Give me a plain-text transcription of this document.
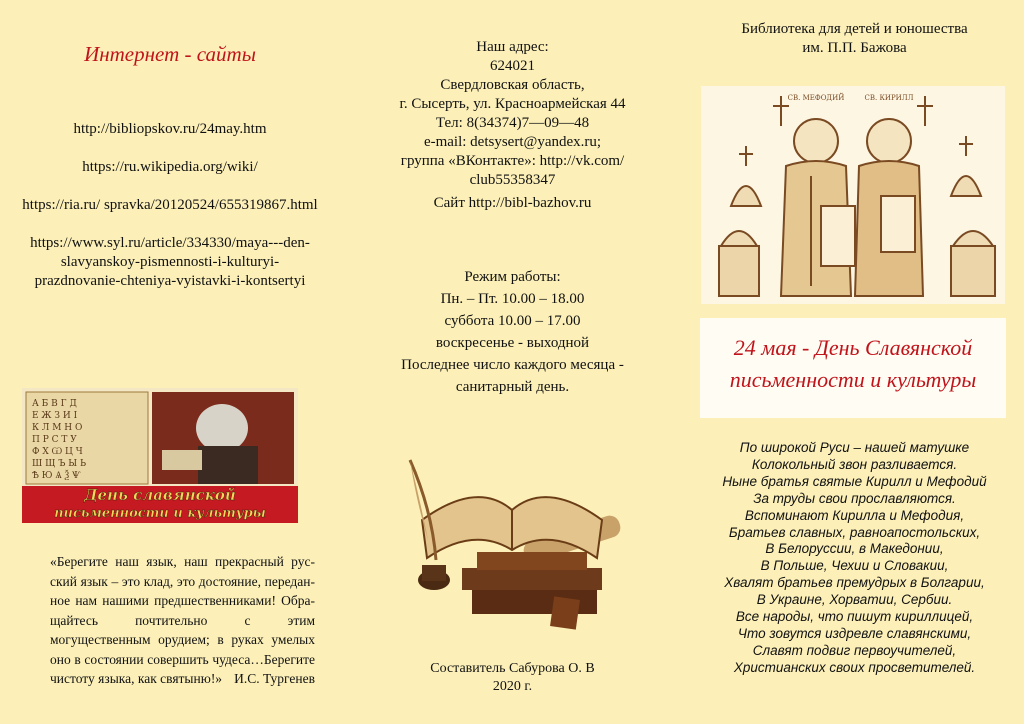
Интернет - сайты

http://bibliopskov.ru/24may.htm

https://ru.wikipedia.org/wiki/

https://ria.ru/ spravka/20120524/655319867.html

https://www.syl.ru/article/334330/maya---den-slavyanskoy-pismennosti-i-kulturyi-prazdnovanie-chteniya-vyistavki-i-kontsertyi

А Б В Г Д
Е Ж З И І
К Л М Н О
П Р С Т У
Ф Х Ѡ Ц Ч
Ш Щ Ъ Ы Ь
Ѣ Ю Ѧ Ѯ Ѱ
День славянской
письменности и культуры
«Берегите наш язык, наш прекрасный русский язык – это клад, это достояние, переданное нам нашими предшественниками! Обращайтесь почтительно с этим могущественным орудием; в руках умелых оно в состоянии совершить чудеса…Берегите чистоту языка, как святыню!» И.С. Тургенев
Наш адрес:
624021
Свердловская область,
г. Сысерть, ул. Красноармейская 44
Тел: 8(34374)7—09—48
e-mail: detsysert@yandex.ru;
группа «ВКонтакте»: http://vk.com/
club55358347
Сайт http://bibl-bazhov.ru
Режим работы:
Пн. – Пт. 10.00 – 18.00
суббота 10.00 – 17.00
воскресенье - выходной
Последнее число каждого месяца -
санитарный день.
Составитель Сабурова О. В
2020 г.
Библиотека для детей и юношества
им. П.П. Бажова
СВ. МЕФОДИЙ	СВ. КИРИЛЛ
24 мая - День Славянской
письменности и культуры
По широкой Руси – нашей матушке
Колокольный звон разливается.
Ныне братья святые Кирилл и Мефодий
За труды свои прославляются.
Вспоминают Кирилла и Мефодия,
Братьев славных, равноапостольских,
В Белоруссии, в Македонии,
В Польше, Чехии и Словакии,
Хвалят братьев премудрых в Болгарии,
В Украине, Хорватии, Сербии.
Все народы, что пишут кириллицей,
Что зовутся издревле славянскими,
Славят подвиг первоучителей,
Христианских своих просветителей.
